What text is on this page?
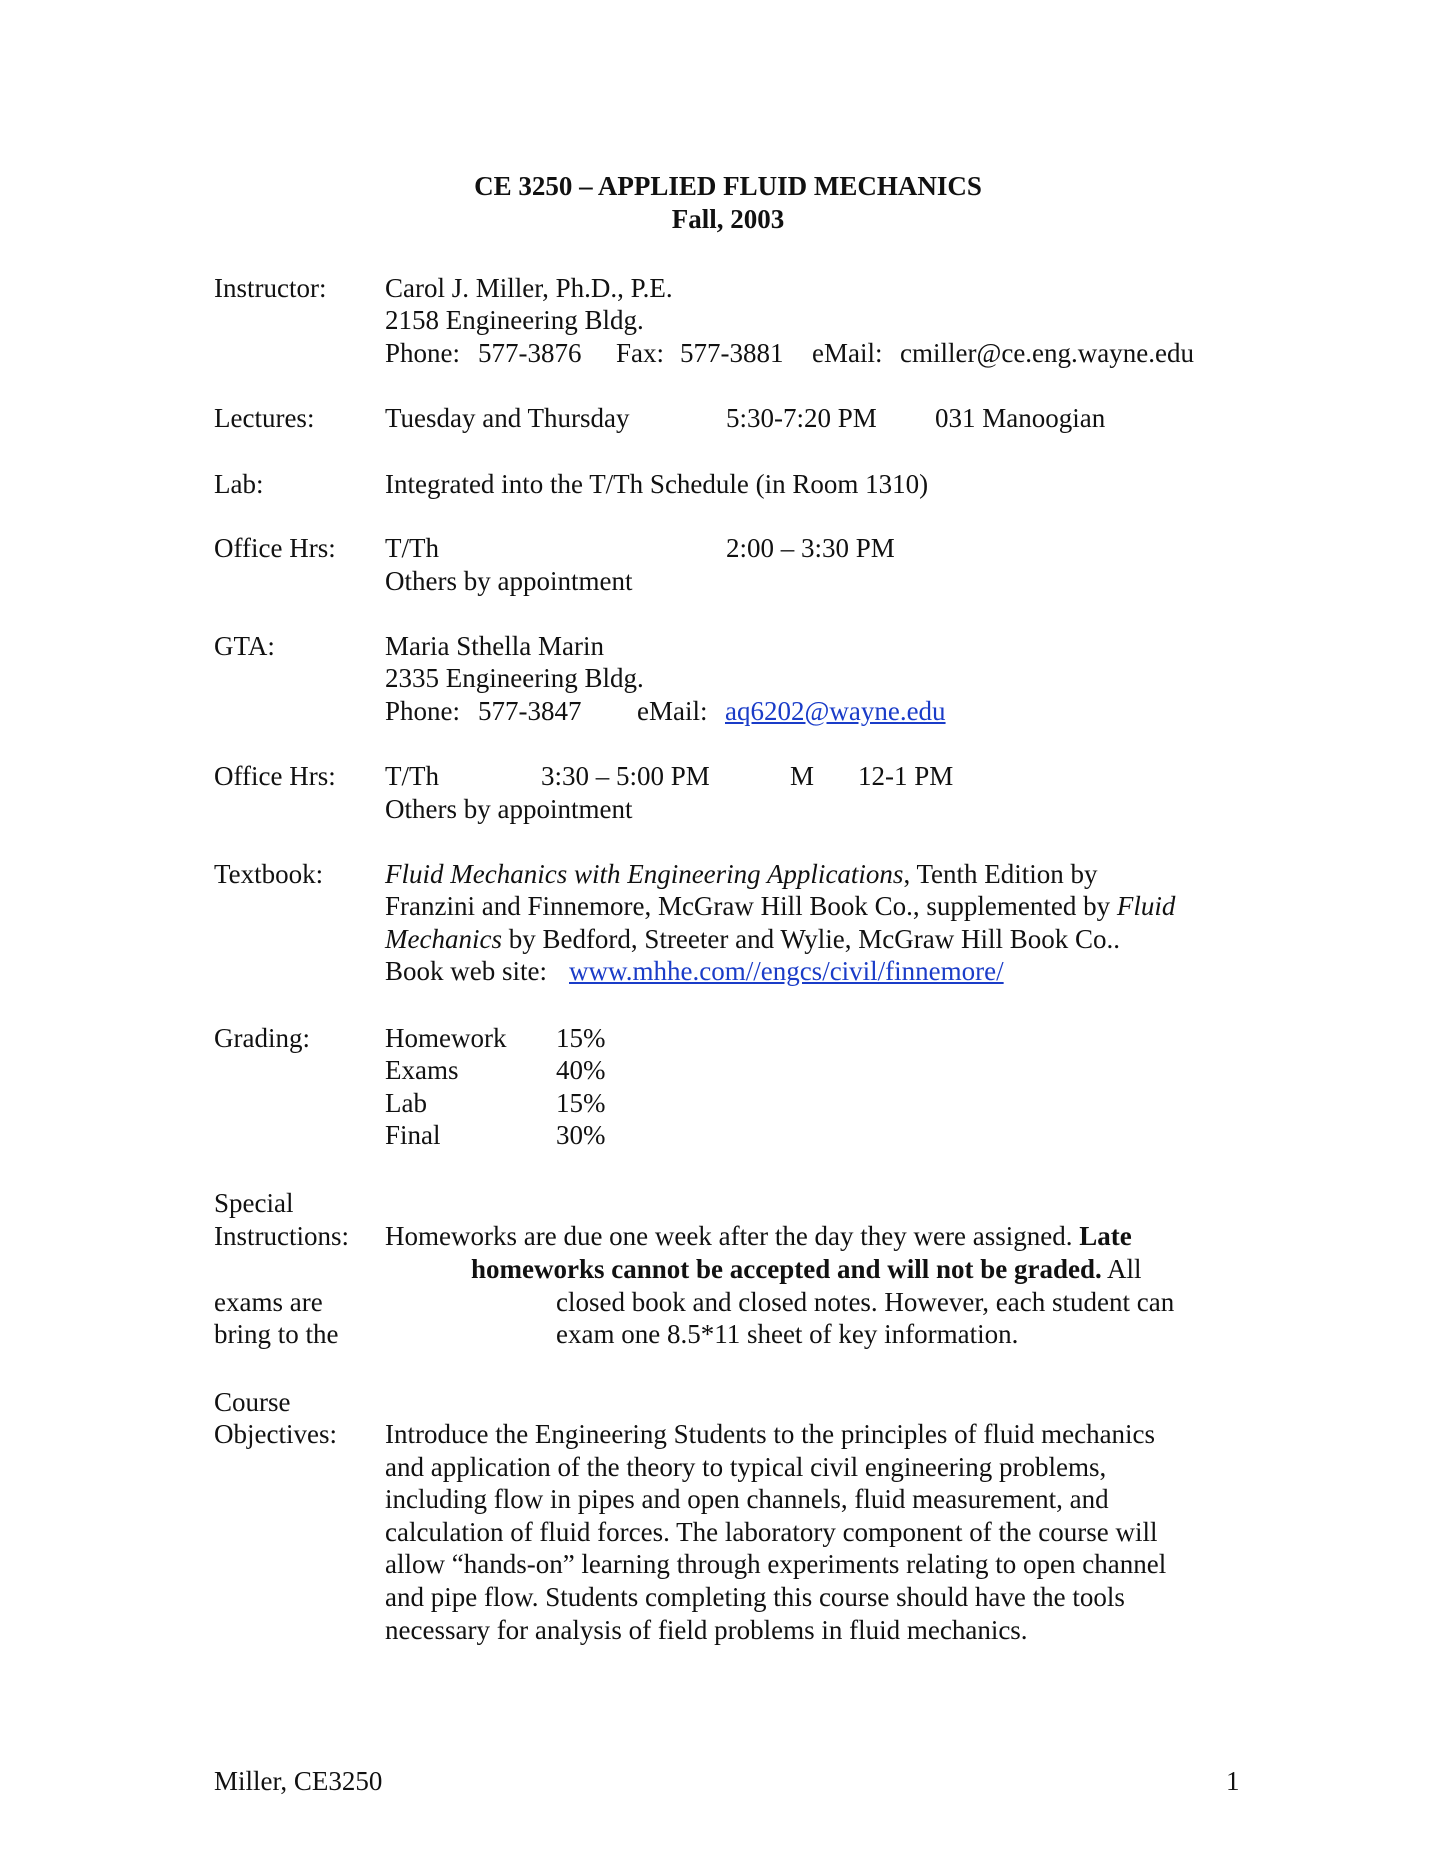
CE 3250 – APPLIED FLUID MECHANICS
Fall, 2003
Instructor: Carol J. Miller, Ph.D., P.E.
2158 Engineering Bldg.
Phone: 577-3876 Fax: 577-3881 eMail: cmiller@ce.eng.wayne.edu
Lectures:	Tuesday and Thursday	5:30-7:20 PM 031 Manoogian
Lab:	Integrated into the T/Th Schedule (in Room 1310)
Office Hrs: T/Th	2:00 – 3:30 PM
Others by appointment
GTA:	Maria Sthella Marin
2335 Engineering Bldg.
Phone: 577-3847 eMail: aq6202@wayne.edu
Office Hrs: T/Th	3:30 – 5:00 PM	M 12-1 PM
Others by appointment
Textbook: Fluid Mechanics with Engineering Applications, Tenth Edition by
Franzini and Finnemore, McGraw Hill Book Co., supplemented by Fluid
Mechanics by Bedford, Streeter and Wylie, McGraw Hill Book Co..
Book web site: www.mhhe.com//engcs/civil/finnemore/
Grading:	Homework 15%
Exams	40%
Lab	15%
Final	30%
Special
Instructions: Homeworks are due one week after the day they were assigned. Late
homeworks cannot be accepted and will not be graded. All
exams are	closed book and closed notes. However, each student can
bring to the	exam one 8.5*11 sheet of key information.
Course
Objectives: Introduce the Engineering Students to the principles of fluid mechanics
and application of the theory to typical civil engineering problems,
including flow in pipes and open channels, fluid measurement, and
calculation of fluid forces. The laboratory component of the course will
allow “hands-on” learning through experiments relating to open channel
and pipe flow. Students completing this course should have the tools
necessary for analysis of field problems in fluid mechanics.
Miller, CE3250	1
